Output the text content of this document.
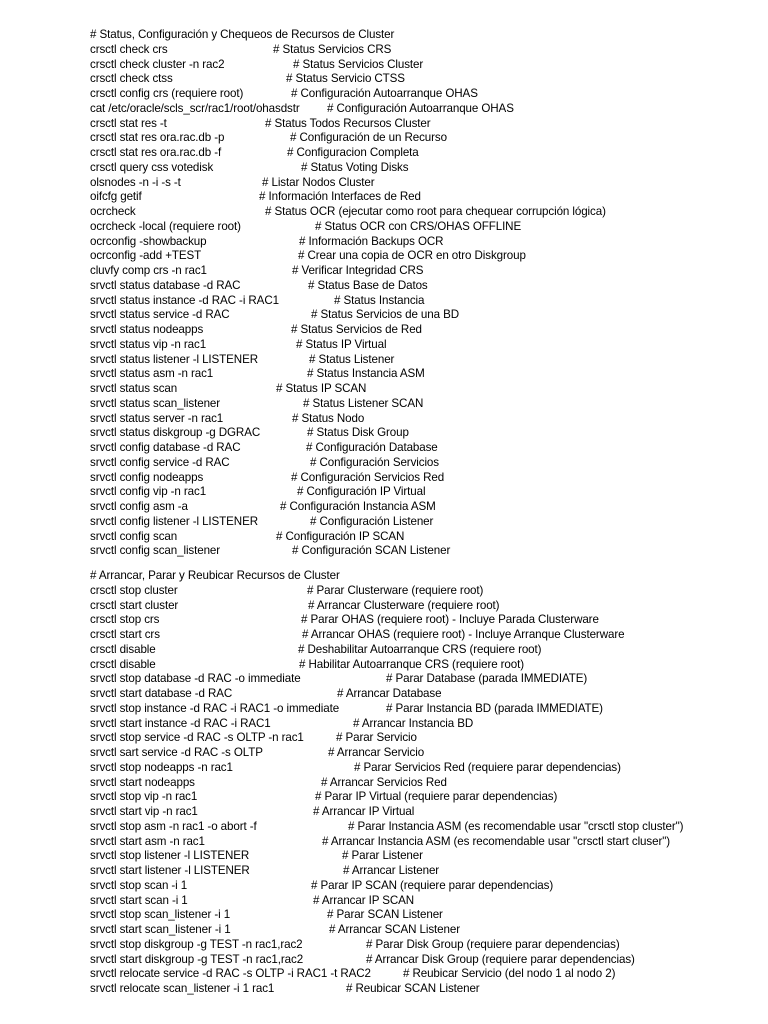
# Status, Configuración y Chequeos de Recursos de Cluster
crsctl check crs	# Status Servicios CRS
crsctl check cluster -n rac2	# Status Servicios Cluster
crsctl check ctss	# Status Servicio CTSS
crsctl config crs (requiere root)	# Configuración Autoarranque OHAS
cat /etc/oracle/scls_scr/rac1/root/ohasdstr # Configuración Autoarranque OHAS
crsctl stat res -t	# Status Todos Recursos Cluster
crsctl stat res ora.rac.db -p	# Configuración de un Recurso
crsctl stat res ora.rac.db -f	# Configuracion Completa
crsctl query css votedisk	# Status Voting Disks
olsnodes -n -i -s -t	# Listar Nodos Cluster
oifcfg getif	# Información Interfaces de Red
ocrcheck	# Status OCR (ejecutar como root para chequear corrupción lógica)
ocrcheck -local (requiere root)	# Status OCR con CRS/OHAS OFFLINE
ocrconfig -showbackup	# Información Backups OCR
ocrconfig -add +TEST	# Crear una copia de OCR en otro Diskgroup
cluvfy comp crs -n rac1	# Verificar Integridad CRS
srvctl status database -d RAC	# Status Base de Datos
srvctl status instance -d RAC -i RAC1	# Status Instancia
srvctl status service -d RAC	# Status Servicios de una BD
srvctl status nodeapps	# Status Servicios de Red
srvctl status vip -n rac1	# Status IP Virtual
srvctl status listener -l LISTENER	# Status Listener
srvctl status asm -n rac1	# Status Instancia ASM
srvctl status scan	# Status IP SCAN
srvctl status scan_listener	# Status Listener SCAN
srvctl status server -n rac1	# Status Nodo
srvctl status diskgroup -g DGRAC	# Status Disk Group
srvctl config database -d RAC	# Configuración Database
srvctl config service -d RAC	# Configuración Servicios
srvctl config nodeapps	# Configuración Servicios Red
srvctl config vip -n rac1	# Configuración IP Virtual
srvctl config asm -a	# Configuración Instancia ASM
srvctl config listener -l LISTENER	# Configuración Listener
srvctl config scan	# Configuración IP SCAN
srvctl config scan_listener	# Configuración SCAN Listener
# Arrancar, Parar y Reubicar Recursos de Cluster
crsctl stop cluster	# Parar Clusterware (requiere root)
crsctl start cluster	# Arrancar Clusterware (requiere root)
crsctl stop crs	# Parar OHAS (requiere root) - Incluye Parada Clusterware
crsctl start crs	# Arrancar OHAS (requiere root) - Incluye Arranque Clusterware
crsctl disable	# Deshabilitar Autoarranque CRS (requiere root)
crsctl disable	# Habilitar Autoarranque CRS (requiere root)
srvctl stop database -d RAC -o immediate	# Parar Database (parada IMMEDIATE)
srvctl start database -d RAC	# Arrancar Database
srvctl stop instance -d RAC -i RAC1 -o immediate	# Parar Instancia BD (parada IMMEDIATE)
srvctl start instance -d RAC -i RAC1	# Arrancar Instancia BD
srvctl stop service -d RAC -s OLTP -n rac1	# Parar Servicio
srvctl sart service -d RAC -s OLTP	# Arrancar Servicio
srvctl stop nodeapps -n rac1	# Parar Servicios Red (requiere parar dependencias)
srvctl start nodeapps	# Arrancar Servicios Red
srvctl stop vip -n rac1	# Parar IP Virtual (requiere parar dependencias)
srvctl start vip -n rac1	# Arrancar IP Virtual
srvctl stop asm -n rac1 -o abort -f	# Parar Instancia ASM (es recomendable usar "crsctl stop cluster")
srvctl start asm -n rac1	# Arrancar Instancia ASM (es recomendable usar "crsctl start cluser")
srvctl stop listener -l LISTENER	# Parar Listener
srvctl start listener -l LISTENER	# Arrancar Listener
srvctl stop scan -i 1	# Parar IP SCAN (requiere parar dependencias)
srvctl start scan -i 1	# Arrancar IP SCAN
srvctl stop scan_listener -i 1	# Parar SCAN Listener
srvctl start scan_listener -i 1	# Arrancar SCAN Listener
srvctl stop diskgroup -g TEST -n rac1,rac2	# Parar Disk Group (requiere parar dependencias)
srvctl start diskgroup -g TEST -n rac1,rac2	# Arrancar Disk Group (requiere parar dependencias)
srvctl relocate service -d RAC -s OLTP -i RAC1 -t RAC2	# Reubicar Servicio (del nodo 1 al nodo 2)
srvctl relocate scan_listener -i 1 rac1	# Reubicar SCAN Listener
